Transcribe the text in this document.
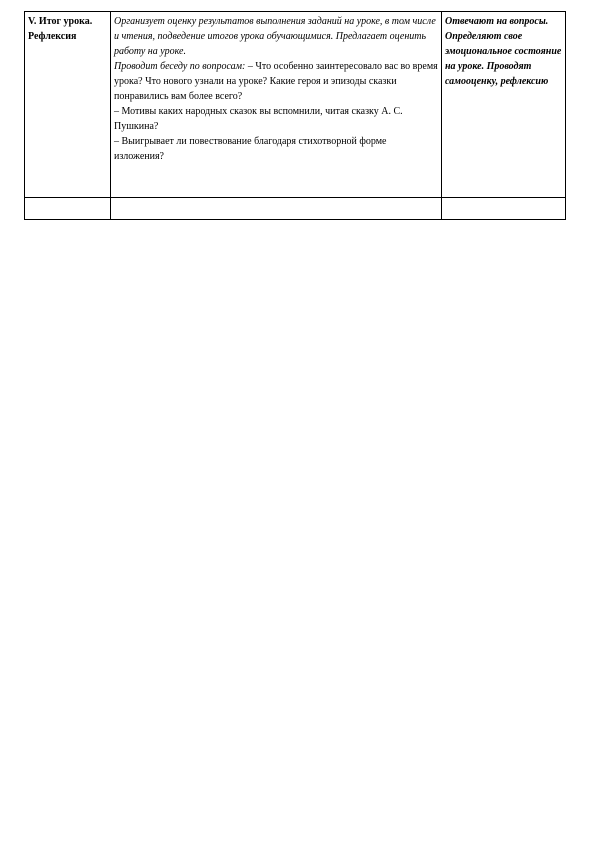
V. Итог урока.
Рефлексия	Организует оценку результатов выполнения заданий на уроке, в том числе и чтения, подведение итогов урока обучающимися. Предлагает оценить работу на уроке.
Проводит беседу по вопросам: – Что особенно заинтересовало вас во время урока? Что нового узнали на уроке? Какие героя и эпизоды сказки понравились вам более всего?
– Мотивы каких народных сказок вы вспомнили, читая сказку А. С. Пушкина?
– Выигрывает ли повествование благодаря стихотворной форме изложения?	Отвечают на вопросы. Определяют свое эмоциональное состояние на уроке. Проводят самооценку, рефлексию
